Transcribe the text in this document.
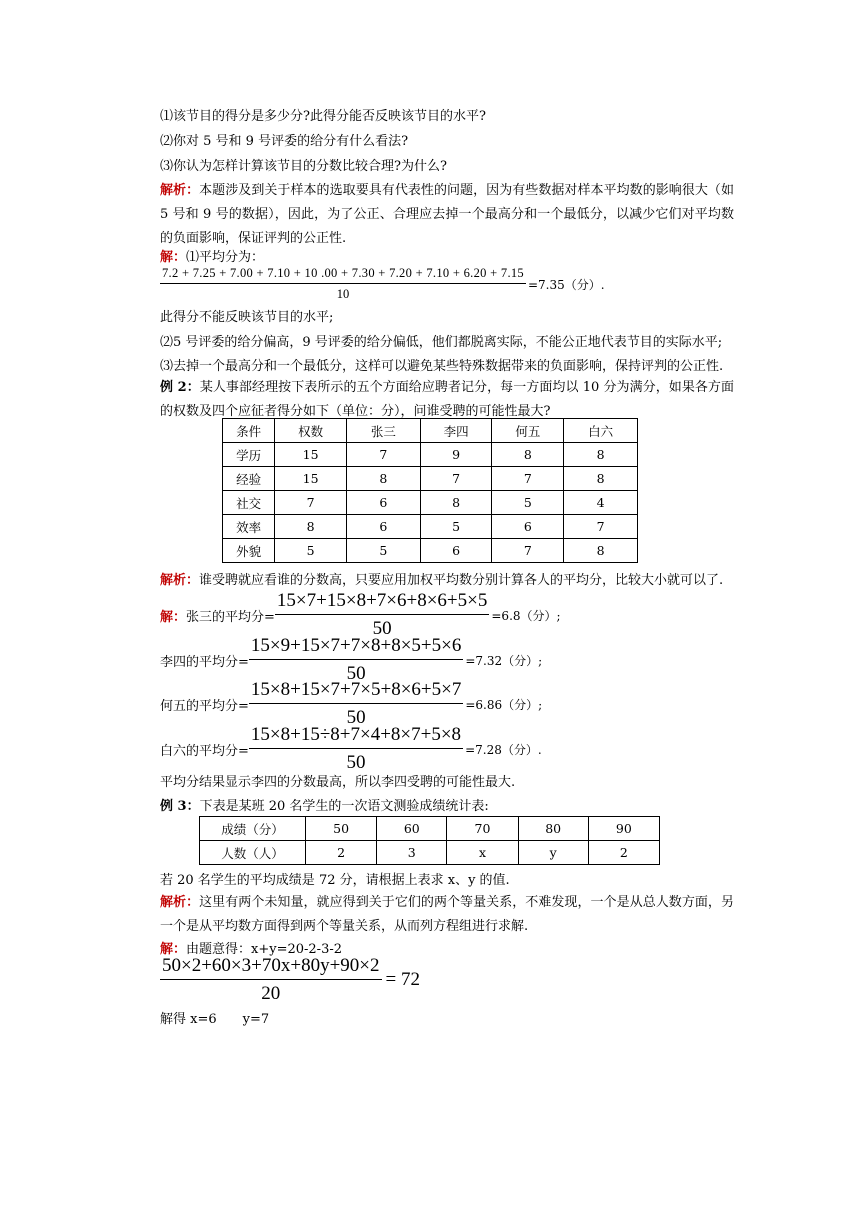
⑴该节目的得分是多少分?此得分能否反映该节目的水平?
⑵你对 5 号和 9 号评委的给分有什么看法?
⑶你认为怎样计算该节目的分数比较合理?为什么?
解析：本题涉及到关于样本的选取要具有代表性的问题，因为有些数据对样本平均数的影响很大（如 5 号和 9 号的数据），因此，为了公正、合理应去掉一个最高分和一个最低分，以减少它们对平均数的负面影响，保证评判的公正性.
解：⑴平均分为：
7.2 + 7.25 + 7.00 + 7.10 + 10 .00 + 7.30 + 7.20 + 7.10 + 6.20 + 7.15
10
=7.35（分）.
此得分不能反映该节目的水平;
⑵5 号评委的给分偏高，9 号评委的给分偏低，他们都脱离实际，不能公正地代表节目的实际水平;
⑶去掉一个最高分和一个最低分，这样可以避免某些特殊数据带来的负面影响，保持评判的公正性.
例 2：某人事部经理按下表所示的五个方面给应聘者记分，每一方面均以 10 分为满分，如果各方面的权数及四个应征者得分如下（单位：分），问谁受聘的可能性最大?
条件	权数	张三	李四	何五	白六
学历	15	7	9	8	8
经验	15	8	7	7	8
社交	7	6	8	5	4
效率	8	6	5	6	7
外貌	5	5	6	7	8
解析：谁受聘就应看谁的分数高，只要应用加权平均数分别计算各人的平均分，比较大小就可以了.
解： 张三的平均分= $\frac{15\times 7+15\times 8+7\times 6+8\times 6+5\times 5}{50} =6.8$（分）;
李四的平均分= $\frac{15\times 9+15\times 7+7\times 8+8\times 5+5\times 6}{50} =7.32$（分）;
何五的平均分= $\frac{15\times 8+15\times 7+7\times 5+8\times 6+5\times 7}{50} =6.86$（分）;
白六的平均分= $\frac{15\times 8+15\div 8+7\times 4+8\times 7+5\times 8}{50} =7.28$（分）.
平均分结果显示李四的分数最高，所以李四受聘的可能性最大.
例 3：下表是某班 20 名学生的一次语文测验成绩统计表:
成绩（分）	50	60	70	80	90
人数（人）	2	3	x	y	2
若 20 名学生的平均成绩是 72 分，请根据上表求 x、y 的值.
解析：这里有两个未知量，就应得到关于它们的两个等量关系，不难发现，一个是从总人数方面，另一个是从平均数方面得到两个等量关系，从而列方程组进行求解.
解：由题意得：x+y=20-2-3-2
$\frac{50\times 2+60\times 3+70x+80y+90\times 2}{20} = 72$
解得 x=6 y=7
